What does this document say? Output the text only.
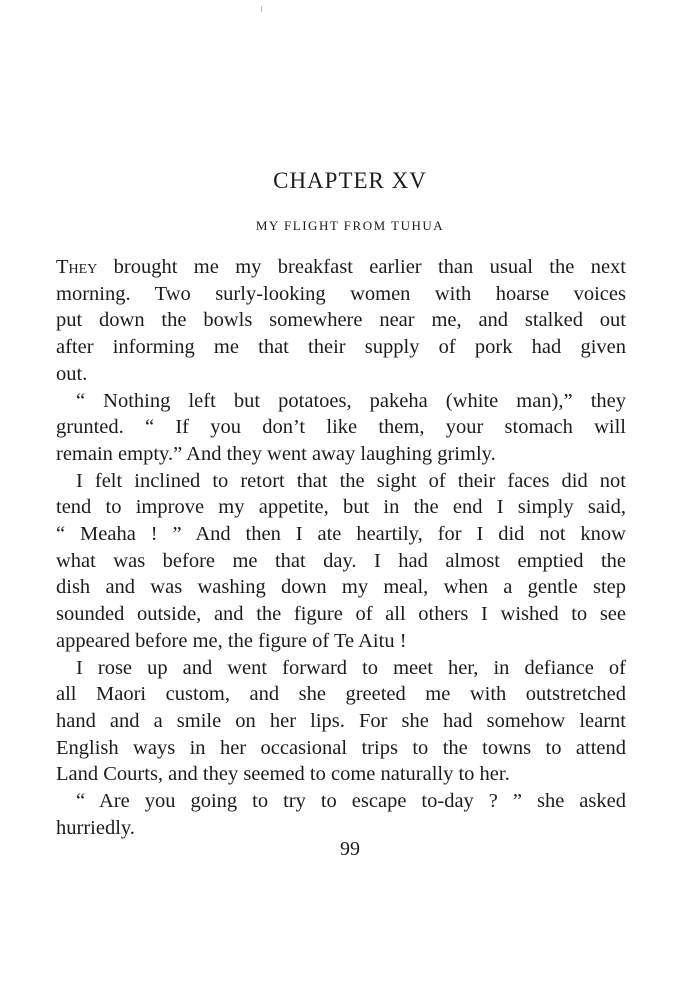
CHAPTER XV
MY FLIGHT FROM TUHUA
They brought me my breakfast earlier than usual the next
morning. Two surly-looking women with hoarse voices
put down the bowls somewhere near me, and stalked out
after informing me that their supply of pork had given
out.
“ Nothing left but potatoes, pakeha (white man),” they
grunted. “ If you don’t like them, your stomach will
remain empty.” And they went away laughing grimly.
I felt inclined to retort that the sight of their faces did not
tend to improve my appetite, but in the end I simply said,
“ Meaha ! ” And then I ate heartily, for I did not know
what was before me that day. I had almost emptied the
dish and was washing down my meal, when a gentle step
sounded outside, and the figure of all others I wished to see
appeared before me, the figure of Te Aitu !
I rose up and went forward to meet her, in defiance of
all Maori custom, and she greeted me with outstretched
hand and a smile on her lips. For she had somehow learnt
English ways in her occasional trips to the towns to attend
Land Courts, and they seemed to come naturally to her.
“ Are you going to try to escape to-day ? ” she asked
hurriedly.
99
